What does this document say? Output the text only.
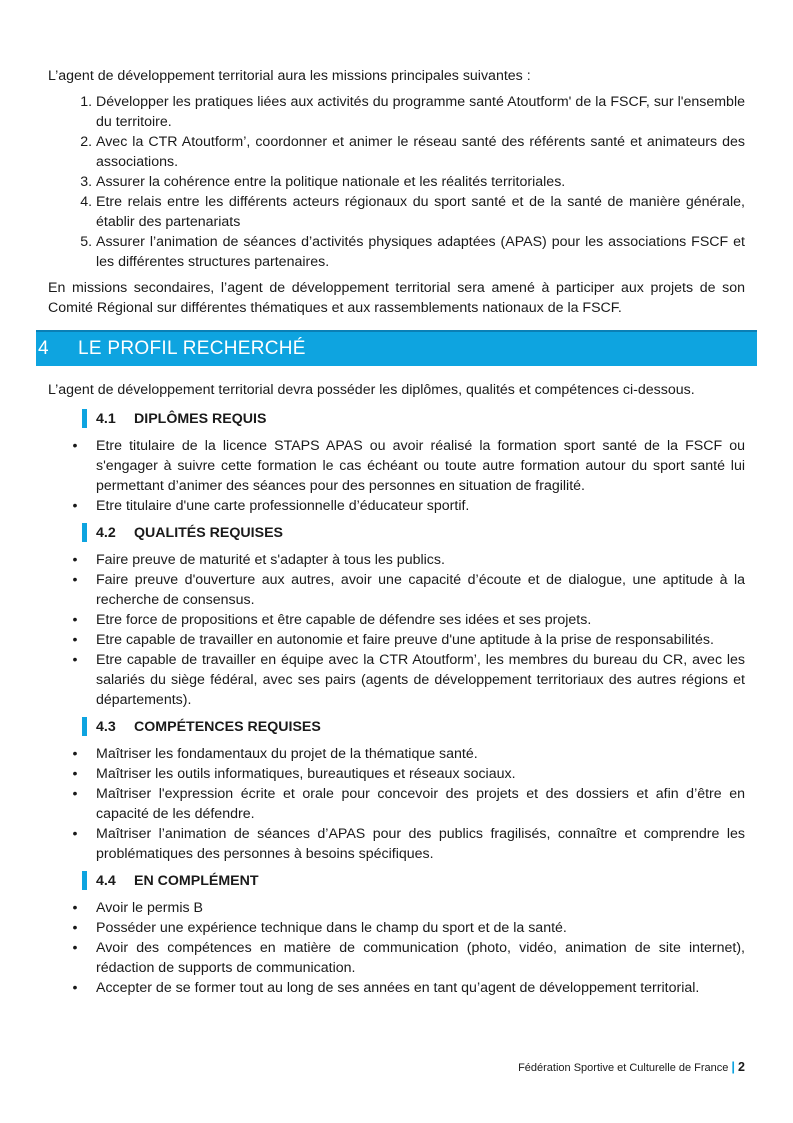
L’agent de développement territorial aura les missions principales suivantes :

1. Développer les pratiques liées aux activités du programme santé Atoutform' de la FSCF, sur l'ensemble du territoire.
2. Avec la CTR Atoutform’, coordonner et animer le réseau santé des référents santé et animateurs des associations.
3. Assurer la cohérence entre la politique nationale et les réalités territoriales.
4. Etre relais entre les différents acteurs régionaux du sport santé et de la santé de manière générale, établir des partenariats
5. Assurer l’animation de séances d’activités physiques adaptées (APAS) pour les associations FSCF et les différentes structures partenaires.

En missions secondaires, l’agent de développement territorial sera amené à participer aux projets de son Comité Régional sur différentes thématiques et aux rassemblements nationaux de la FSCF.

4 LE PROFIL RECHERCHÉ

L’agent de développement territorial devra posséder les diplômes, qualités et compétences ci-dessous.

4.1 DIPLÔMES REQUIS
• Etre titulaire de la licence STAPS APAS ou avoir réalisé la formation sport santé de la FSCF ou s'engager à suivre cette formation le cas échéant ou toute autre formation autour du sport santé lui permettant d’animer des séances pour des personnes en situation de fragilité.
• Etre titulaire d'une carte professionnelle d’éducateur sportif.
4.2 QUALITÉS REQUISES
• Faire preuve de maturité et s'adapter à tous les publics.
• Faire preuve d'ouverture aux autres, avoir une capacité d’écoute et de dialogue, une aptitude à la recherche de consensus.
• Etre force de propositions et être capable de défendre ses idées et ses projets.
• Etre capable de travailler en autonomie et faire preuve d'une aptitude à la prise de responsabilités.
• Etre capable de travailler en équipe avec la CTR Atoutform’, les membres du bureau du CR, avec les salariés du siège fédéral, avec ses pairs (agents de développement territoriaux des autres régions et départements).
4.3 COMPÉTENCES REQUISES
• Maîtriser les fondamentaux du projet de la thématique santé.
• Maîtriser les outils informatiques, bureautiques et réseaux sociaux.
• Maîtriser l'expression écrite et orale pour concevoir des projets et des dossiers et afin d’être en capacité de les défendre.
• Maîtriser l’animation de séances d’APAS pour des publics fragilisés, connaître et comprendre les problématiques des personnes à besoins spécifiques.
4.4 EN COMPLÉMENT
• Avoir le permis B
• Posséder une expérience technique dans le champ du sport et de la santé.
• Avoir des compétences en matière de communication (photo, vidéo, animation de site internet), rédaction de supports de communication.
• Accepter de se former tout au long de ses années en tant qu’agent de développement territorial.
Fédération Sportive et Culturelle de France | 2
